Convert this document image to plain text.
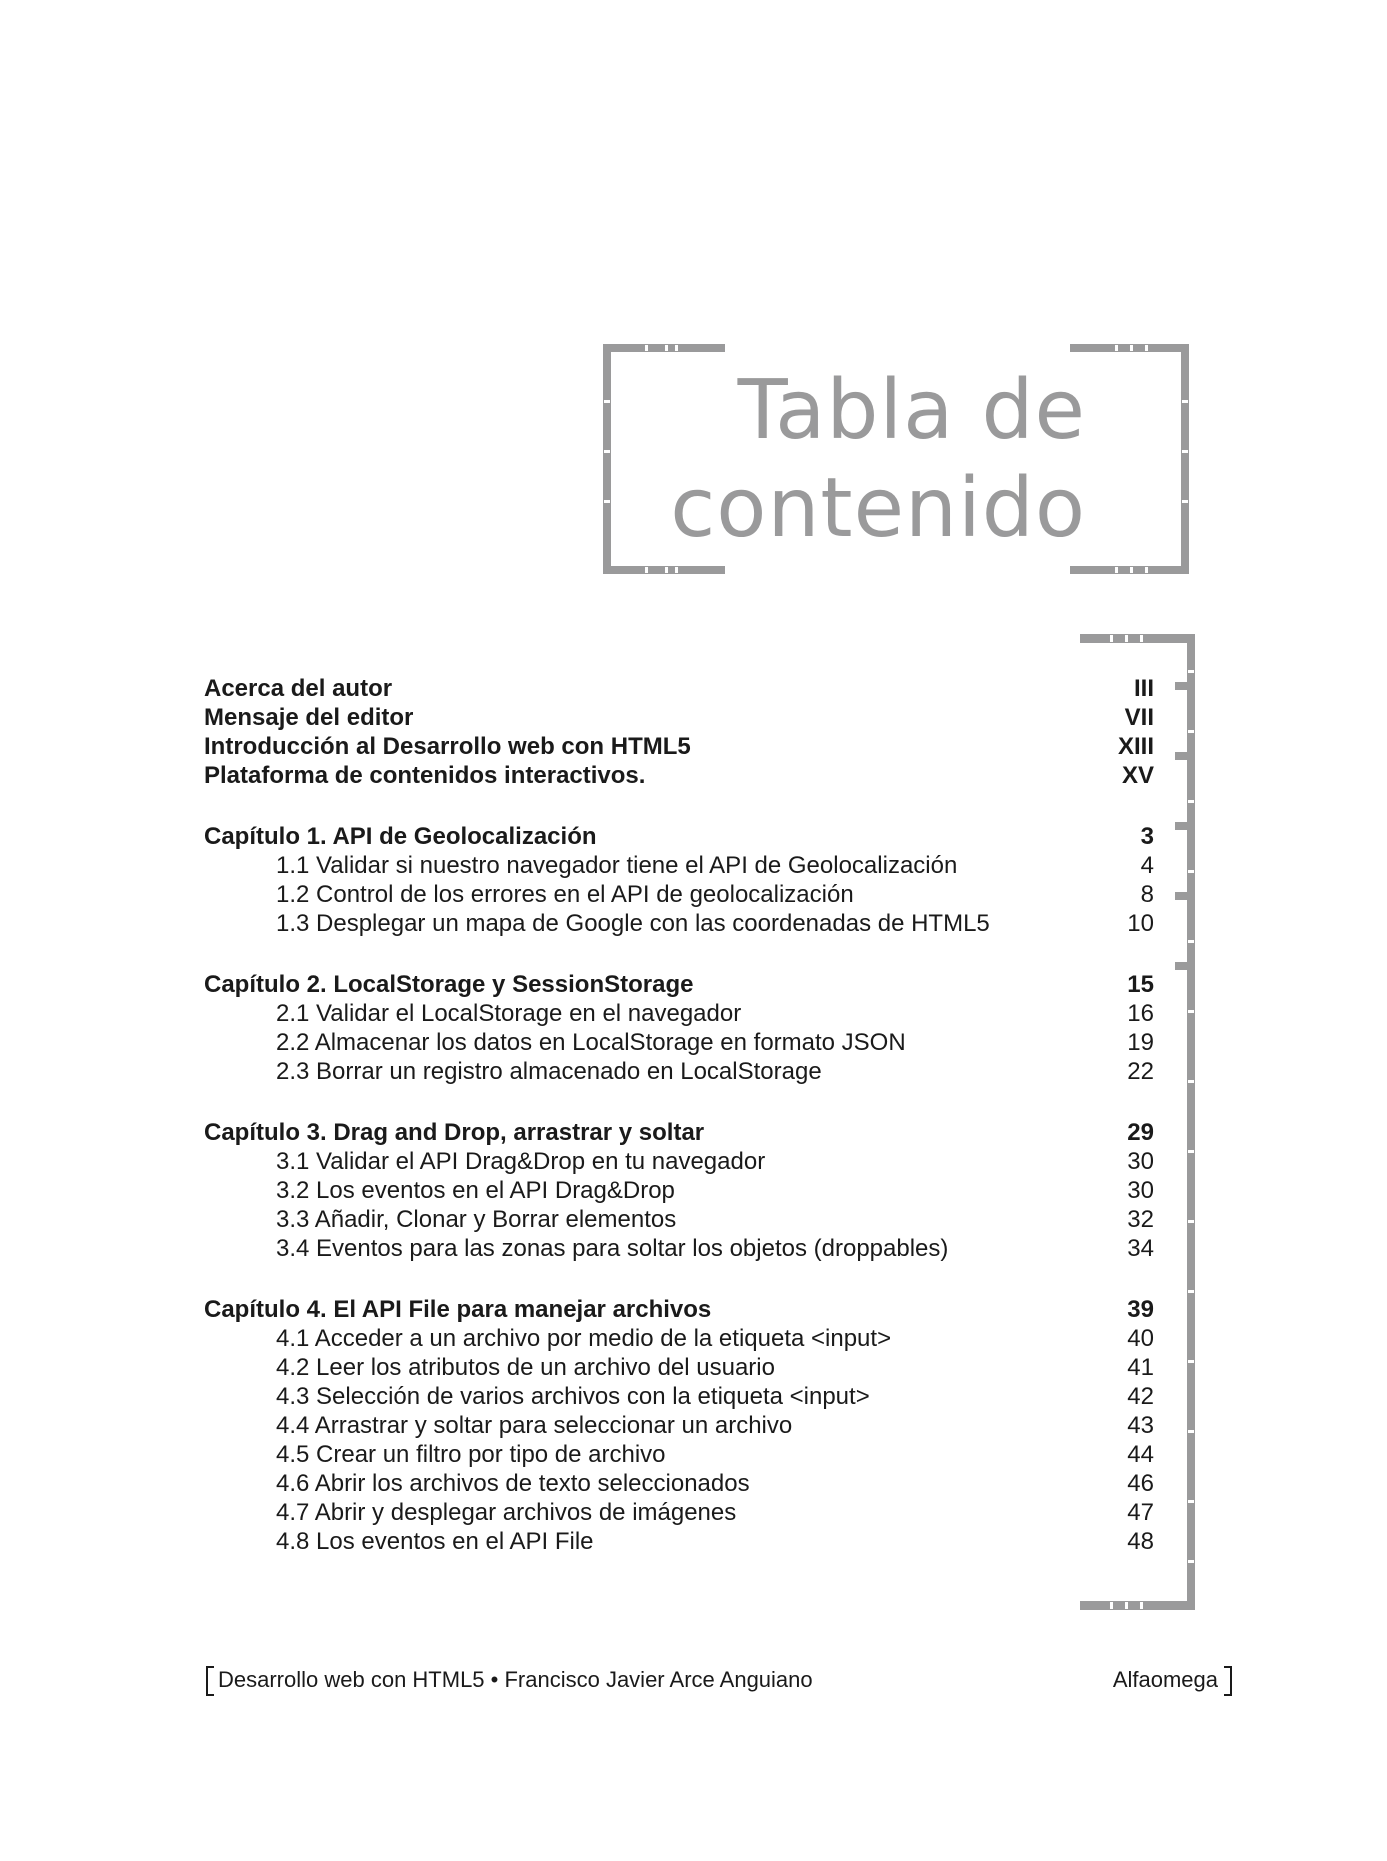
Tabla de
contenido
Acerca del autor	III
Mensaje del editor	VII
Introducción al Desarrollo web con HTML5	XIII
Plataforma de contenidos interactivos.	XV
Capítulo 1. API de Geolocalización	3
1.1 Validar si nuestro navegador tiene el API de Geolocalización	4
1.2 Control de los errores en el API de geolocalización	8
1.3 Desplegar un mapa de Google con las coordenadas de HTML5	10
Capítulo 2. LocalStorage y SessionStorage	15
2.1 Validar el LocalStorage en el navegador	16
2.2 Almacenar los datos en LocalStorage en formato JSON	19
2.3 Borrar un registro almacenado en LocalStorage	22
Capítulo 3. Drag and Drop, arrastrar y soltar	29
3.1 Validar el API Drag&Drop en tu navegador	30
3.2 Los eventos en el API Drag&Drop	30
3.3 Añadir, Clonar y Borrar elementos	32
3.4 Eventos para las zonas para soltar los objetos (droppables)	34
Capítulo 4. El API File para manejar archivos	39
4.1 Acceder a un archivo por medio de la etiqueta <input>	40
4.2 Leer los atributos de un archivo del usuario	41
4.3 Selección de varios archivos con la etiqueta <input>	42
4.4 Arrastrar y soltar para seleccionar un archivo	43
4.5 Crear un filtro por tipo de archivo	44
4.6 Abrir los archivos de texto seleccionados	46
4.7 Abrir y desplegar archivos de imágenes	47
4.8 Los eventos en el API File	48
Desarrollo web con HTML5 • Francisco Javier Arce Anguiano	Alfaomega
